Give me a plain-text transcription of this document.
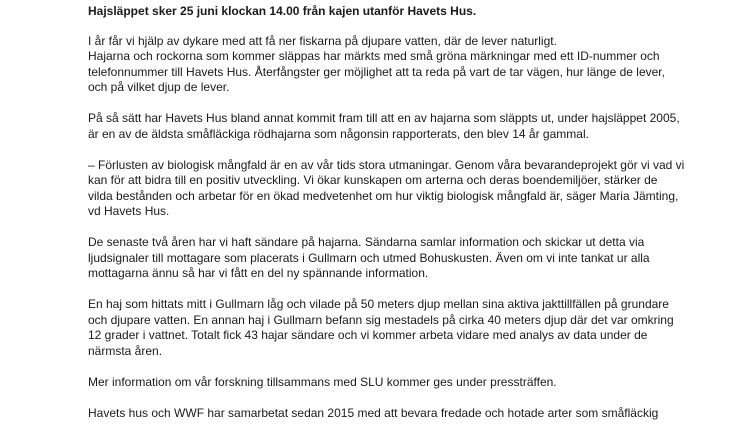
Hajsläppet sker 25 juni klockan 14.00 från kajen utanför Havets Hus.
I år får vi hjälp av dykare med att få ner fiskarna på djupare vatten, där de lever naturligt.
Hajarna och rockorna som kommer släppas har märkts med små gröna märkningar med ett ID-nummer och
telefonnummer till Havets Hus. Återfångster ger möjlighet att ta reda på vart de tar vägen, hur länge de lever,
och på vilket djup de lever.
På så sätt har Havets Hus bland annat kommit fram till att en av hajarna som släppts ut, under hajsläppet 2005,
är en av de äldsta småfläckiga rödhajarna som någonsin rapporterats, den blev 14 år gammal.
– Förlusten av biologisk mångfald är en av vår tids stora utmaningar. Genom våra bevarandeprojekt gör vi vad vi
kan för att bidra till en positiv utveckling. Vi ökar kunskapen om arterna och deras boendemiljöer, stärker de
vilda bestånden och arbetar för en ökad medvetenhet om hur viktig biologisk mångfald är, säger Maria Jämting,
vd Havets Hus.
De senaste två åren har vi haft sändare på hajarna. Sändarna samlar information och skickar ut detta via
ljudsignaler till mottagare som placerats i Gullmarn och utmed Bohuskusten. Även om vi inte tankat ur alla
mottagarna ännu så har vi fått en del ny spännande information.
En haj som hittats mitt i Gullmarn låg och vilade på 50 meters djup mellan sina aktiva jakttillfällen på grundare
och djupare vatten. En annan haj i Gullmarn befann sig mestadels på cirka 40 meters djup där det var omkring
12 grader i vattnet. Totalt fick 43 hajar sändare och vi kommer arbeta vidare med analys av data under de
närmsta åren.
Mer information om vår forskning tillsammans med SLU kommer ges under pressträffen.
Havets hus och WWF har samarbetat sedan 2015 med att bevara fredade och hotade arter som småfläckig
